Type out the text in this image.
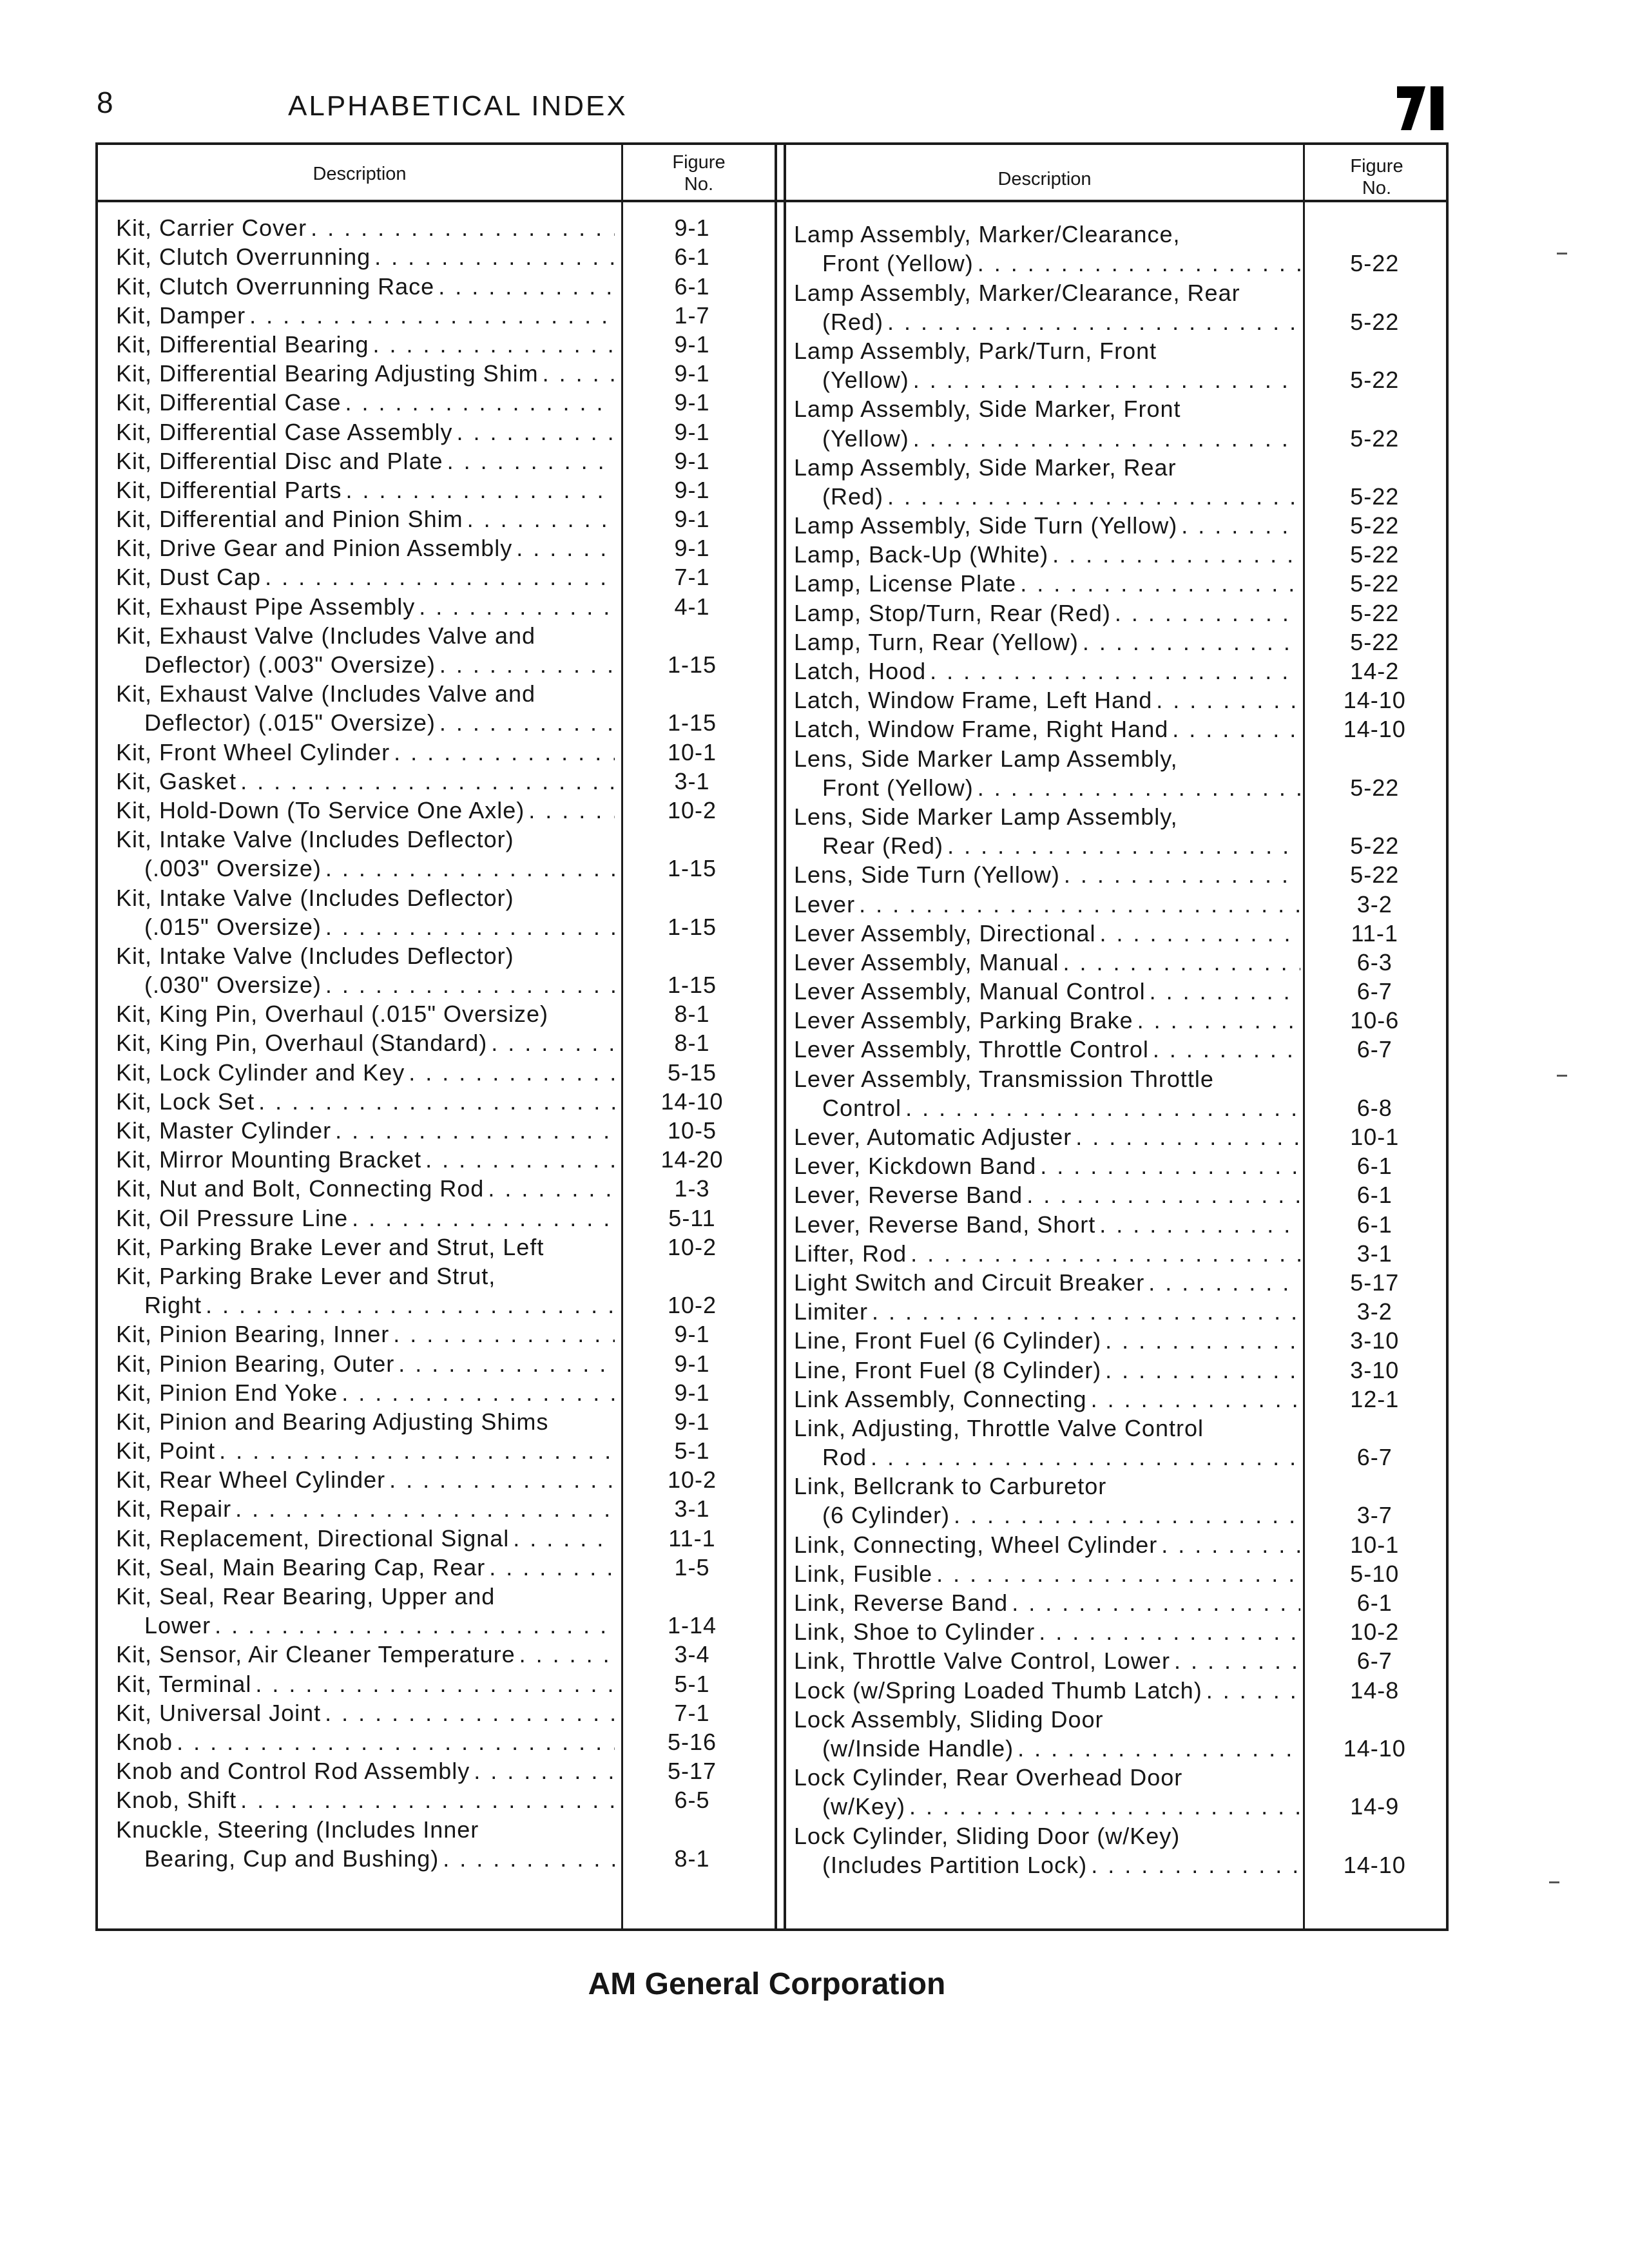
8	ALPHABETICAL INDEX
Description
Figure
No.	Description
Figure
No.
Kit, Carrier Cover . . .	9-1
Kit, Clutch Overrunning . . .	6-1
Kit, Clutch Overrunning Race . . .	6-1
Kit, Damper . . .	1-7
Kit, Differential Bearing . . .	9-1
Kit, Differential Bearing Adjusting Shim . . .	9-1
Kit, Differential Case . . .	9-1
Kit, Differential Case Assembly . . .	9-1
Kit, Differential Disc and Plate . . .	9-1
Kit, Differential Parts . . .	9-1
Kit, Differential and Pinion Shim . . .	9-1
Kit, Drive Gear and Pinion Assembly . . .	9-1
Kit, Dust Cap . . .	7-1
Kit, Exhaust Pipe Assembly . . .	4-1
Kit, Exhaust Valve (Includes Valve and
Deflector) (.003" Oversize) . . .	1-15
Kit, Exhaust Valve (Includes Valve and
Deflector) (.015" Oversize) . . .	1-15
Kit, Front Wheel Cylinder . . .	10-1
Kit, Gasket . . .	3-1
Kit, Hold-Down (To Service One Axle) . . .	10-2
Kit, Intake Valve (Includes Deflector)
(.003" Oversize) . . .	1-15
Kit, Intake Valve (Includes Deflector)
(.015" Oversize) . . .	1-15
Kit, Intake Valve (Includes Deflector)
(.030" Oversize) . . .	1-15
Kit, King Pin, Overhaul (.015" Oversize)	8-1
Kit, King Pin, Overhaul (Standard) . . .	8-1
Kit, Lock Cylinder and Key . . .	5-15
Kit, Lock Set . . .	14-10
Kit, Master Cylinder . . .	10-5
Kit, Mirror Mounting Bracket . . .	14-20
Kit, Nut and Bolt, Connecting Rod . . .	1-3
Kit, Oil Pressure Line . . .	5-11
Kit, Parking Brake Lever and Strut, Left	10-2
Kit, Parking Brake Lever and Strut,
Right . . .	10-2
Kit, Pinion Bearing, Inner . . .	9-1
Kit, Pinion Bearing, Outer . . .	9-1
Kit, Pinion End Yoke . . .	9-1
Kit, Pinion and Bearing Adjusting Shims	9-1
Kit, Point . . .	5-1
Kit, Rear Wheel Cylinder . . .	10-2
Kit, Repair . . .	3-1
Kit, Replacement, Directional Signal . . .	11-1
Kit, Seal, Main Bearing Cap, Rear . . .	1-5
Kit, Seal, Rear Bearing, Upper and
Lower . . .	1-14
Kit, Sensor, Air Cleaner Temperature . . .	3-4
Kit, Terminal . . .	5-1
Kit, Universal Joint . . .	7-1
Knob . . .	5-16
Knob and Control Rod Assembly . . .	5-17
Knob, Shift . . .	6-5
Knuckle, Steering (Includes Inner
Bearing, Cup and Bushing) . . .	8-1
Lamp Assembly, Marker/Clearance,
Front (Yellow) . . .	5-22
Lamp Assembly, Marker/Clearance, Rear
(Red) . . .	5-22
Lamp Assembly, Park/Turn, Front
(Yellow) . . .	5-22
Lamp Assembly, Side Marker, Front
(Yellow) . . .	5-22
Lamp Assembly, Side Marker, Rear
(Red) . . .	5-22
Lamp Assembly, Side Turn (Yellow) . . .	5-22
Lamp, Back-Up (White) . . .	5-22
Lamp, License Plate . . .	5-22
Lamp, Stop/Turn, Rear (Red) . . .	5-22
Lamp, Turn, Rear (Yellow) . . .	5-22
Latch, Hood . . .	14-2
Latch, Window Frame, Left Hand . . .	14-10
Latch, Window Frame, Right Hand . . .	14-10
Lens, Side Marker Lamp Assembly,
Front (Yellow) . . .	5-22
Lens, Side Marker Lamp Assembly,
Rear (Red) . . .	5-22
Lens, Side Turn (Yellow) . . .	5-22
Lever . . .	3-2
Lever Assembly, Directional . . .	11-1
Lever Assembly, Manual . . .	6-3
Lever Assembly, Manual Control . . .	6-7
Lever Assembly, Parking Brake . . .	10-6
Lever Assembly, Throttle Control . . .	6-7
Lever Assembly, Transmission Throttle
Control . . .	6-8
Lever, Automatic Adjuster . . .	10-1
Lever, Kickdown Band . . .	6-1
Lever, Reverse Band . . .	6-1
Lever, Reverse Band, Short . . .	6-1
Lifter, Rod . . .	3-1
Light Switch and Circuit Breaker . . .	5-17
Limiter . . .	3-2
Line, Front Fuel (6 Cylinder) . . .	3-10
Line, Front Fuel (8 Cylinder) . . .	3-10
Link Assembly, Connecting . . .	12-1
Link, Adjusting, Throttle Valve Control
Rod . . .	6-7
Link, Bellcrank to Carburetor
(6 Cylinder) . . .	3-7
Link, Connecting, Wheel Cylinder . . .	10-1
Link, Fusible . . .	5-10
Link, Reverse Band . . .	6-1
Link, Shoe to Cylinder . . .	10-2
Link, Throttle Valve Control, Lower . . .	6-7
Lock (w/Spring Loaded Thumb Latch) . . .	14-8
Lock Assembly, Sliding Door
(w/Inside Handle) . . .	14-10
Lock Cylinder, Rear Overhead Door
(w/Key) . . .	14-9
Lock Cylinder, Sliding Door (w/Key)
(Includes Partition Lock) . . .	14-10
AM General Corporation
